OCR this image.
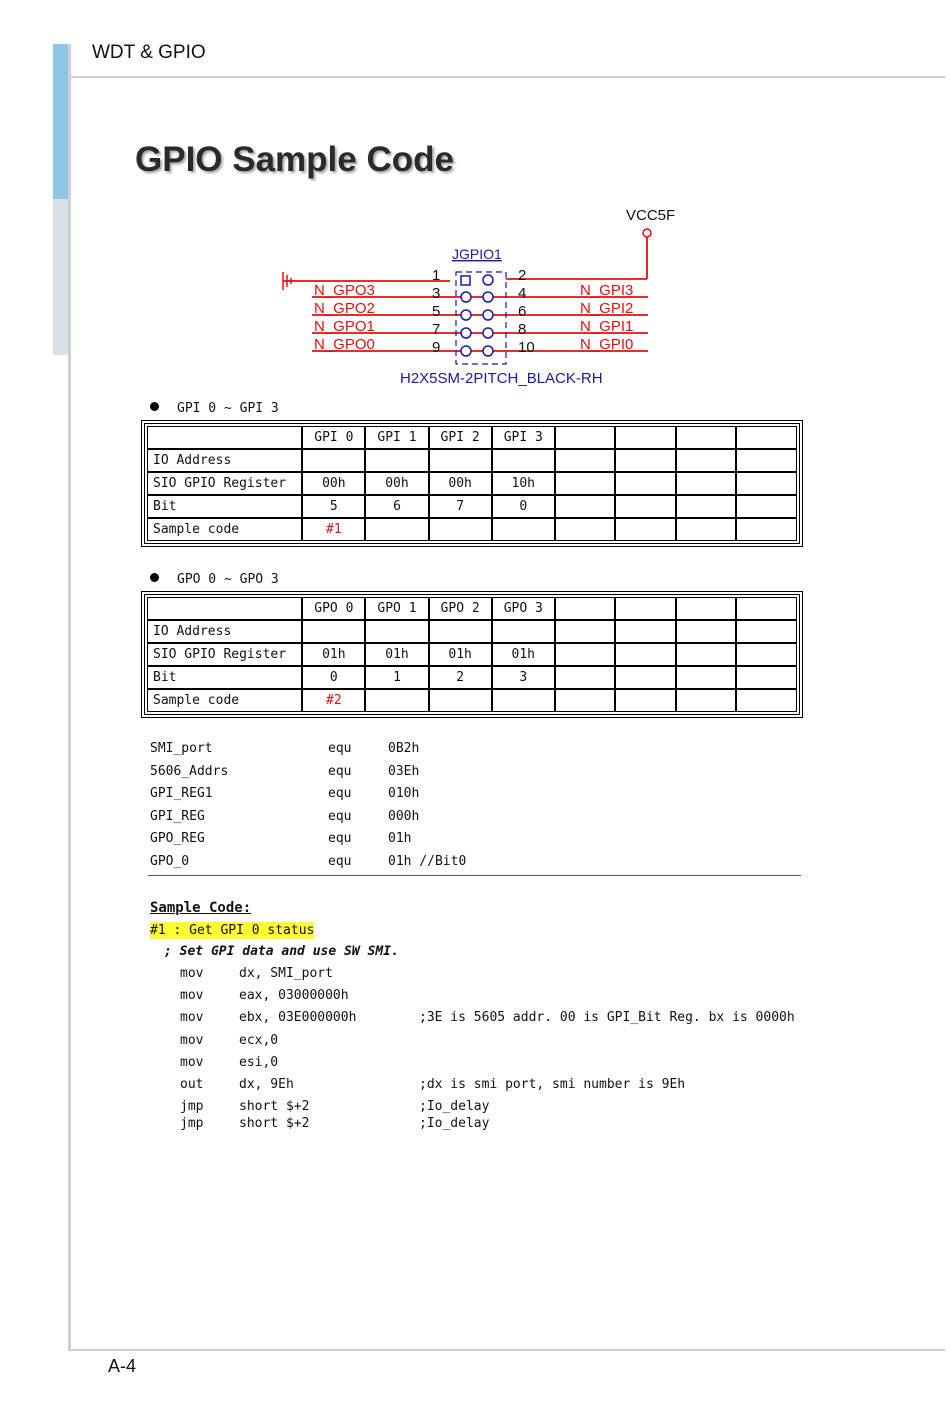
WDT & GPIO
GPIO Sample Code
VCC5F
JGPIO1
1
3
5
7
9
2
4
6
8
10
N_GPO3
N_GPO2
N_GPO1
N_GPO0
N_GPI3
N_GPI2
N_GPI1
N_GPI0
H2X5SM-2PITCH_BLACK-RH
GPI 0 ~ GPI 3
	GPI 0	GPI 1	GPI 2	GPI 3				
IO Address								
SIO GPIO Register	00h	00h	00h	10h				
Bit	5	6	7	0				
Sample code	#1							
GPO 0 ~ GPO 3
	GPO 0	GPO 1	GPO 2	GPO 3				
IO Address								
SIO GPIO Register	01h	01h	01h	01h				
Bit	0	1	2	3				
Sample code	#2							
SMI_port	equ	0B2h
5606_Addrs	equ	03Eh
GPI_REG1	equ	010h
GPI_REG	equ	000h
GPO_REG	equ	01h
GPO_0	equ	01h //Bit0
Sample Code:
#1 : Get GPI 0 status
; Set GPI data and use SW SMI.
mov	dx, SMI_port
mov	eax, 03000000h
mov	ebx, 03E000000h	;3E is 5605 addr. 00 is GPI_Bit Reg. bx is 0000h
mov	ecx,0
mov	esi,0
out	dx, 9Eh	;dx is smi port, smi number is 9Eh
jmp	short $+2	;Io_delay
jmp	short $+2	;Io_delay
A-4
